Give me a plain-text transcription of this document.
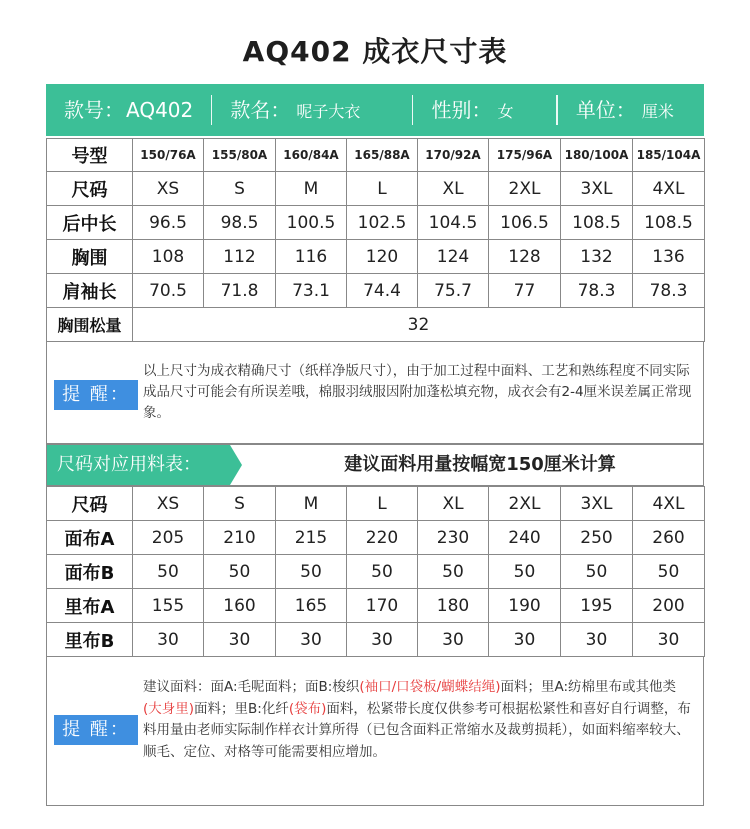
AQ402 成衣尺寸表
款号： AQ402 款名： 呢子大衣	性别： 女	单位： 厘米
号型	150/76A	155/80A	160/84A	165/88A	170/92A	175/96A	180/100A	185/104A
尺码	XS	S	M	L	XL	2XL	3XL	4XL
后中长	96.5	98.5	100.5	102.5	104.5	106.5	108.5	108.5
胸围	108	112	116	120	124	128	132	136
肩袖长	70.5	71.8	73.1	74.4	75.7	77	78.3	78.3
胸围松量	32							
提 醒：
以上尺寸为成衣精确尺寸（纸样净版尺寸），由于加工过程中面料、工艺和熟练程度不同实际成品尺寸可能会有所误差哦，棉服羽绒服因附加蓬松填充物，成衣会有2-4厘米误差属正常现象。
尺码对应用料表：	建议面料用量按幅宽150厘米计算
尺码	XS	S	M	L	XL	2XL	3XL	4XL
面布A	205	210	215	220	230	240	250	260
面布B	50	50	50	50	50	50	50	50
里布A	155	160	165	170	180	190	195	200
里布B	30	30	30	30	30	30	30	30
提 醒：
建议面料：面A:毛呢面料；面B:梭织(袖口/口袋板/蝴蝶结绳)面料；里A:纺棉里布或其他类(大身里)面料；里B:化纤(袋布)面料，松紧带长度仅供参考可根据松紧性和喜好自行调整，布料用量由老师实际制作样衣计算所得（已包含面料正常缩水及裁剪损耗），如面料缩率较大、顺毛、定位、对格等可能需要相应增加。
